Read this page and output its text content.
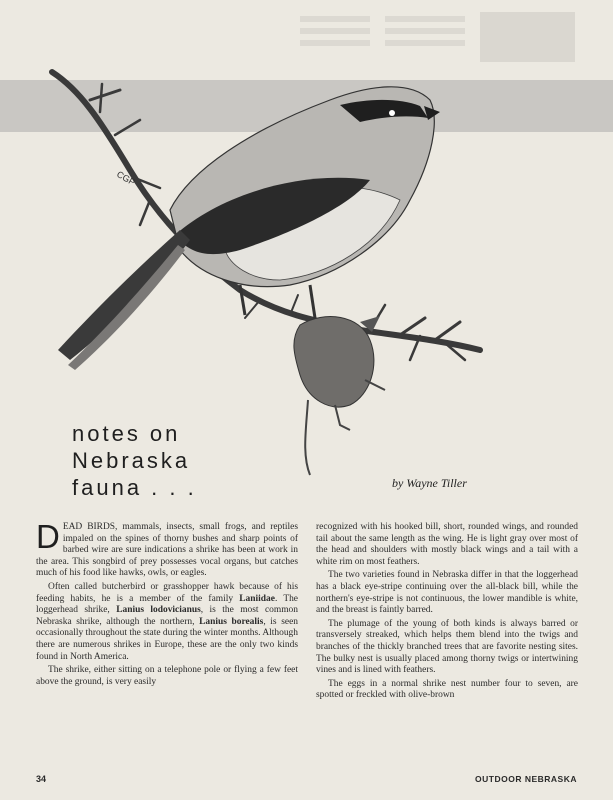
CGP
notes on
Nebraska
fauna . . .	by Wayne Tiller

DEAD BIRDS, mammals, insects, small frogs, and reptiles impaled on the spines of thorny bushes and sharp points of barbed wire are sure indications a shrike has been at work in the area. This songbird of prey possesses vocal organs, but catches much of his food like hawks, owls, or eagles.

Often called butcherbird or grasshopper hawk because of his feeding habits, he is a member of the family Laniidae. The loggerhead shrike, Lanius lodovicianus, is the most common Nebraska shrike, although the northern, Lanius borealis, is seen occasionally throughout the state during the winter months. Although there are numerous shrikes in Europe, these are the only two kinds found in North America.

The shrike, either sitting on a telephone pole or flying a few feet above the ground, is very easily

recognized with his hooked bill, short, rounded wings, and rounded tail about the same length as the wing. He is light gray over most of the head and shoulders with mostly black wings and a tail with a white rim on most feathers.

The two varieties found in Nebraska differ in that the loggerhead has a black eye-stripe continuing over the all-black bill, while the northern's eye-stripe is not continuous, the lower mandible is white, and the breast is faintly barred.

The plumage of the young of both kinds is always barred or transversely streaked, which helps them blend into the twigs and branches of the thickly branched trees that are favorite nesting sites. The bulky nest is usually placed among thorny twigs or intertwining vines and is lined with feathers.

The eggs in a normal shrike nest number four to seven, are spotted or freckled with olive-brown

34	OUTDOOR NEBRASKA
